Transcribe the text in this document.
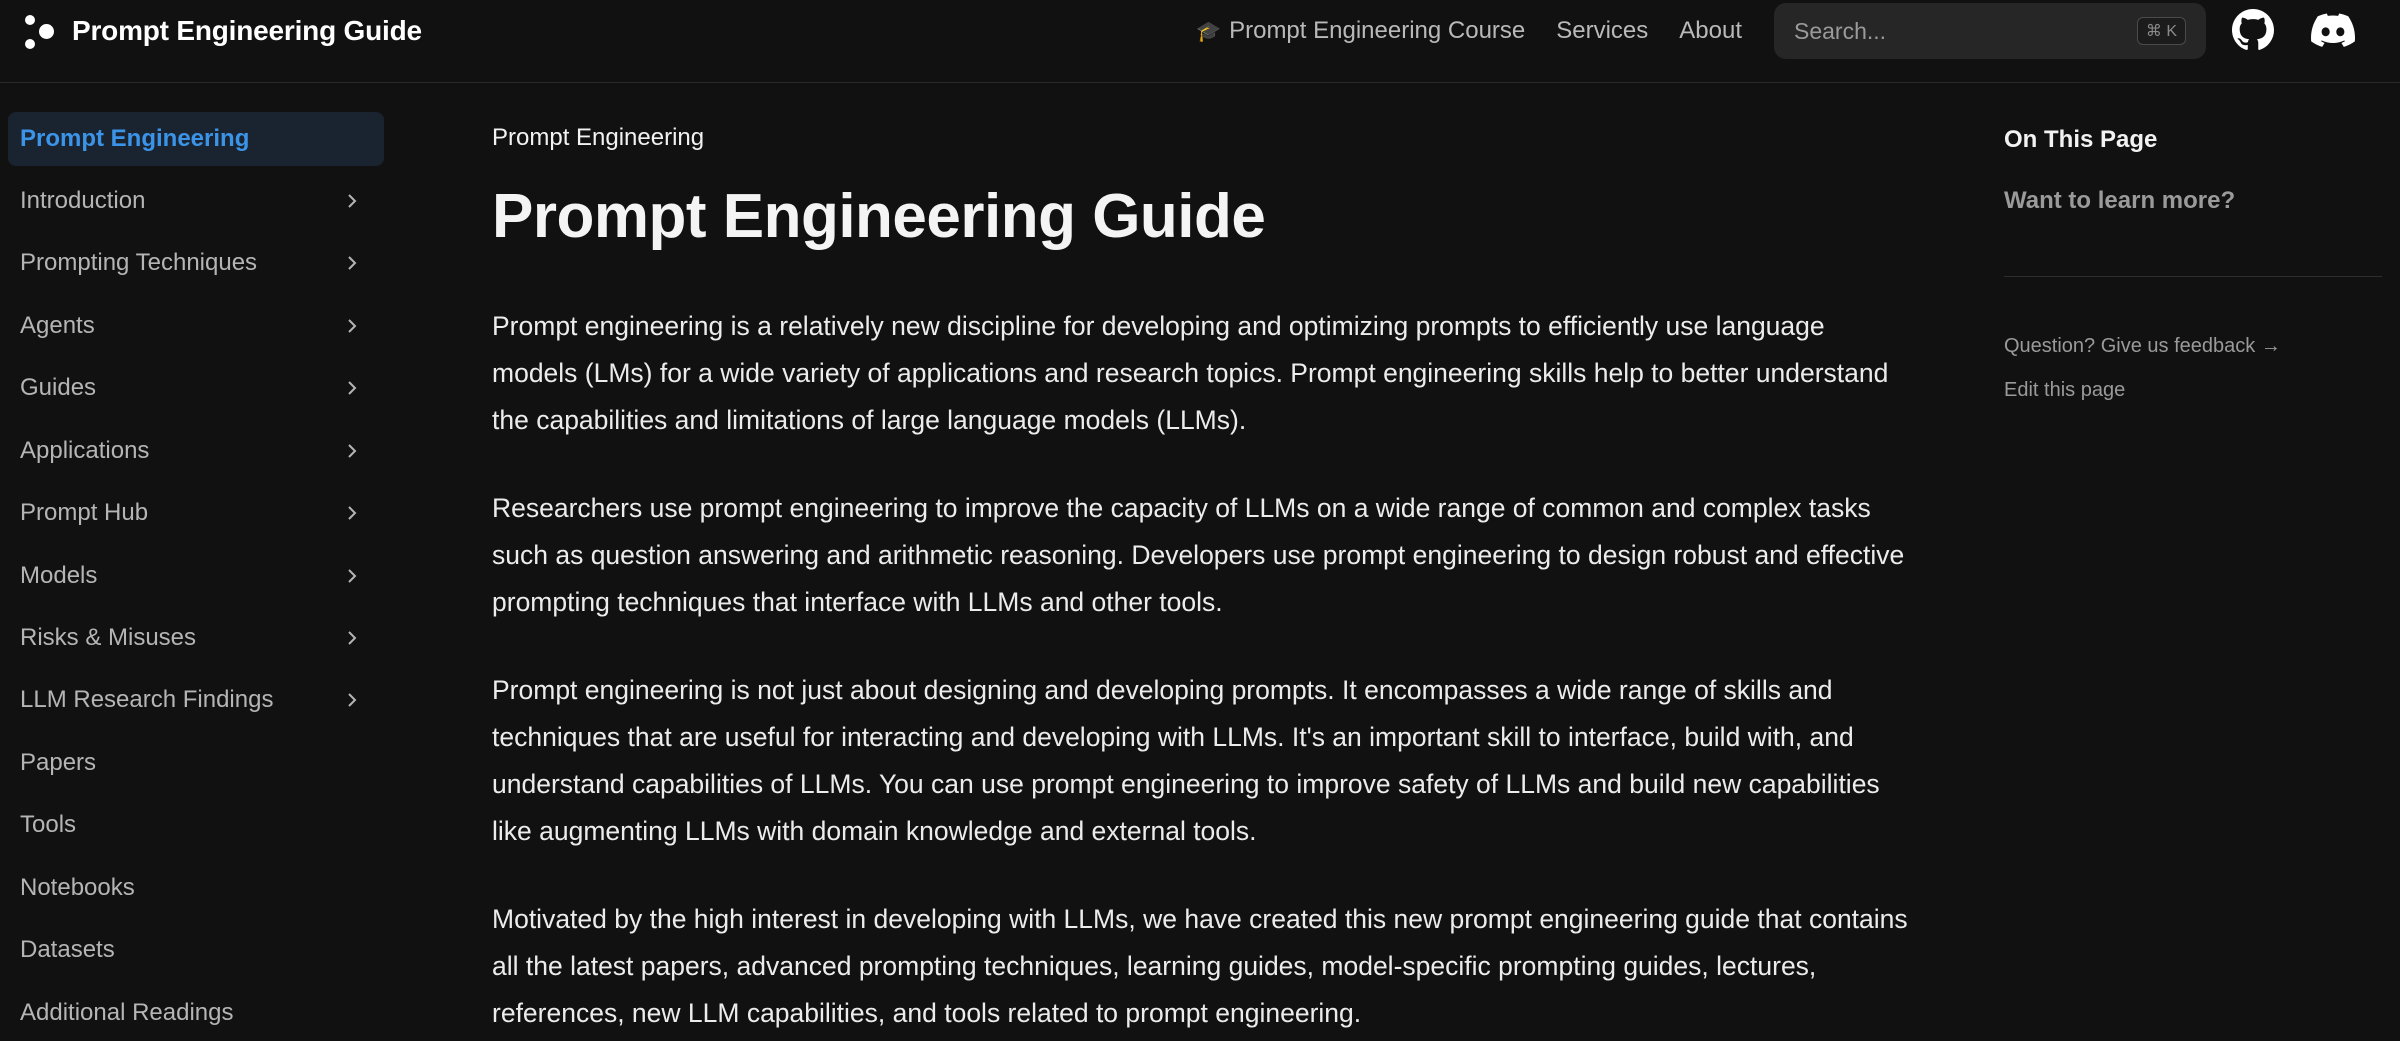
Prompt Engineering Guide	🎓 Prompt Engineering Course Services About
Search...	⌘ K
Prompt Engineering
Introduction
Prompting Techniques
Agents
Guides
Applications
Prompt Hub
Models
Risks & Misuses
LLM Research Findings
Papers
Tools
Notebooks
Datasets
Additional Readings
Prompt Engineering
Prompt Engineering Guide

Prompt engineering is a relatively new discipline for developing and optimizing prompts to efficiently use language models (LMs) for a wide variety of applications and research topics. Prompt engineering skills help to better understand the capabilities and limitations of large language models (LLMs).

Researchers use prompt engineering to improve the capacity of LLMs on a wide range of common and complex tasks such as question answering and arithmetic reasoning. Developers use prompt engineering to design robust and effective prompting techniques that interface with LLMs and other tools.

Prompt engineering is not just about designing and developing prompts. It encompasses a wide range of skills and techniques that are useful for interacting and developing with LLMs. It's an important skill to interface, build with, and understand capabilities of LLMs. You can use prompt engineering to improve safety of LLMs and build new capabilities like augmenting LLMs with domain knowledge and external tools.

Motivated by the high interest in developing with LLMs, we have created this new prompt engineering guide that contains all the latest papers, advanced prompting techniques, learning guides, model-specific prompting guides, lectures, references, new LLM capabilities, and tools related to prompt engineering.

On This Page
Want to learn more?
Question? Give us feedback →
Edit this page
